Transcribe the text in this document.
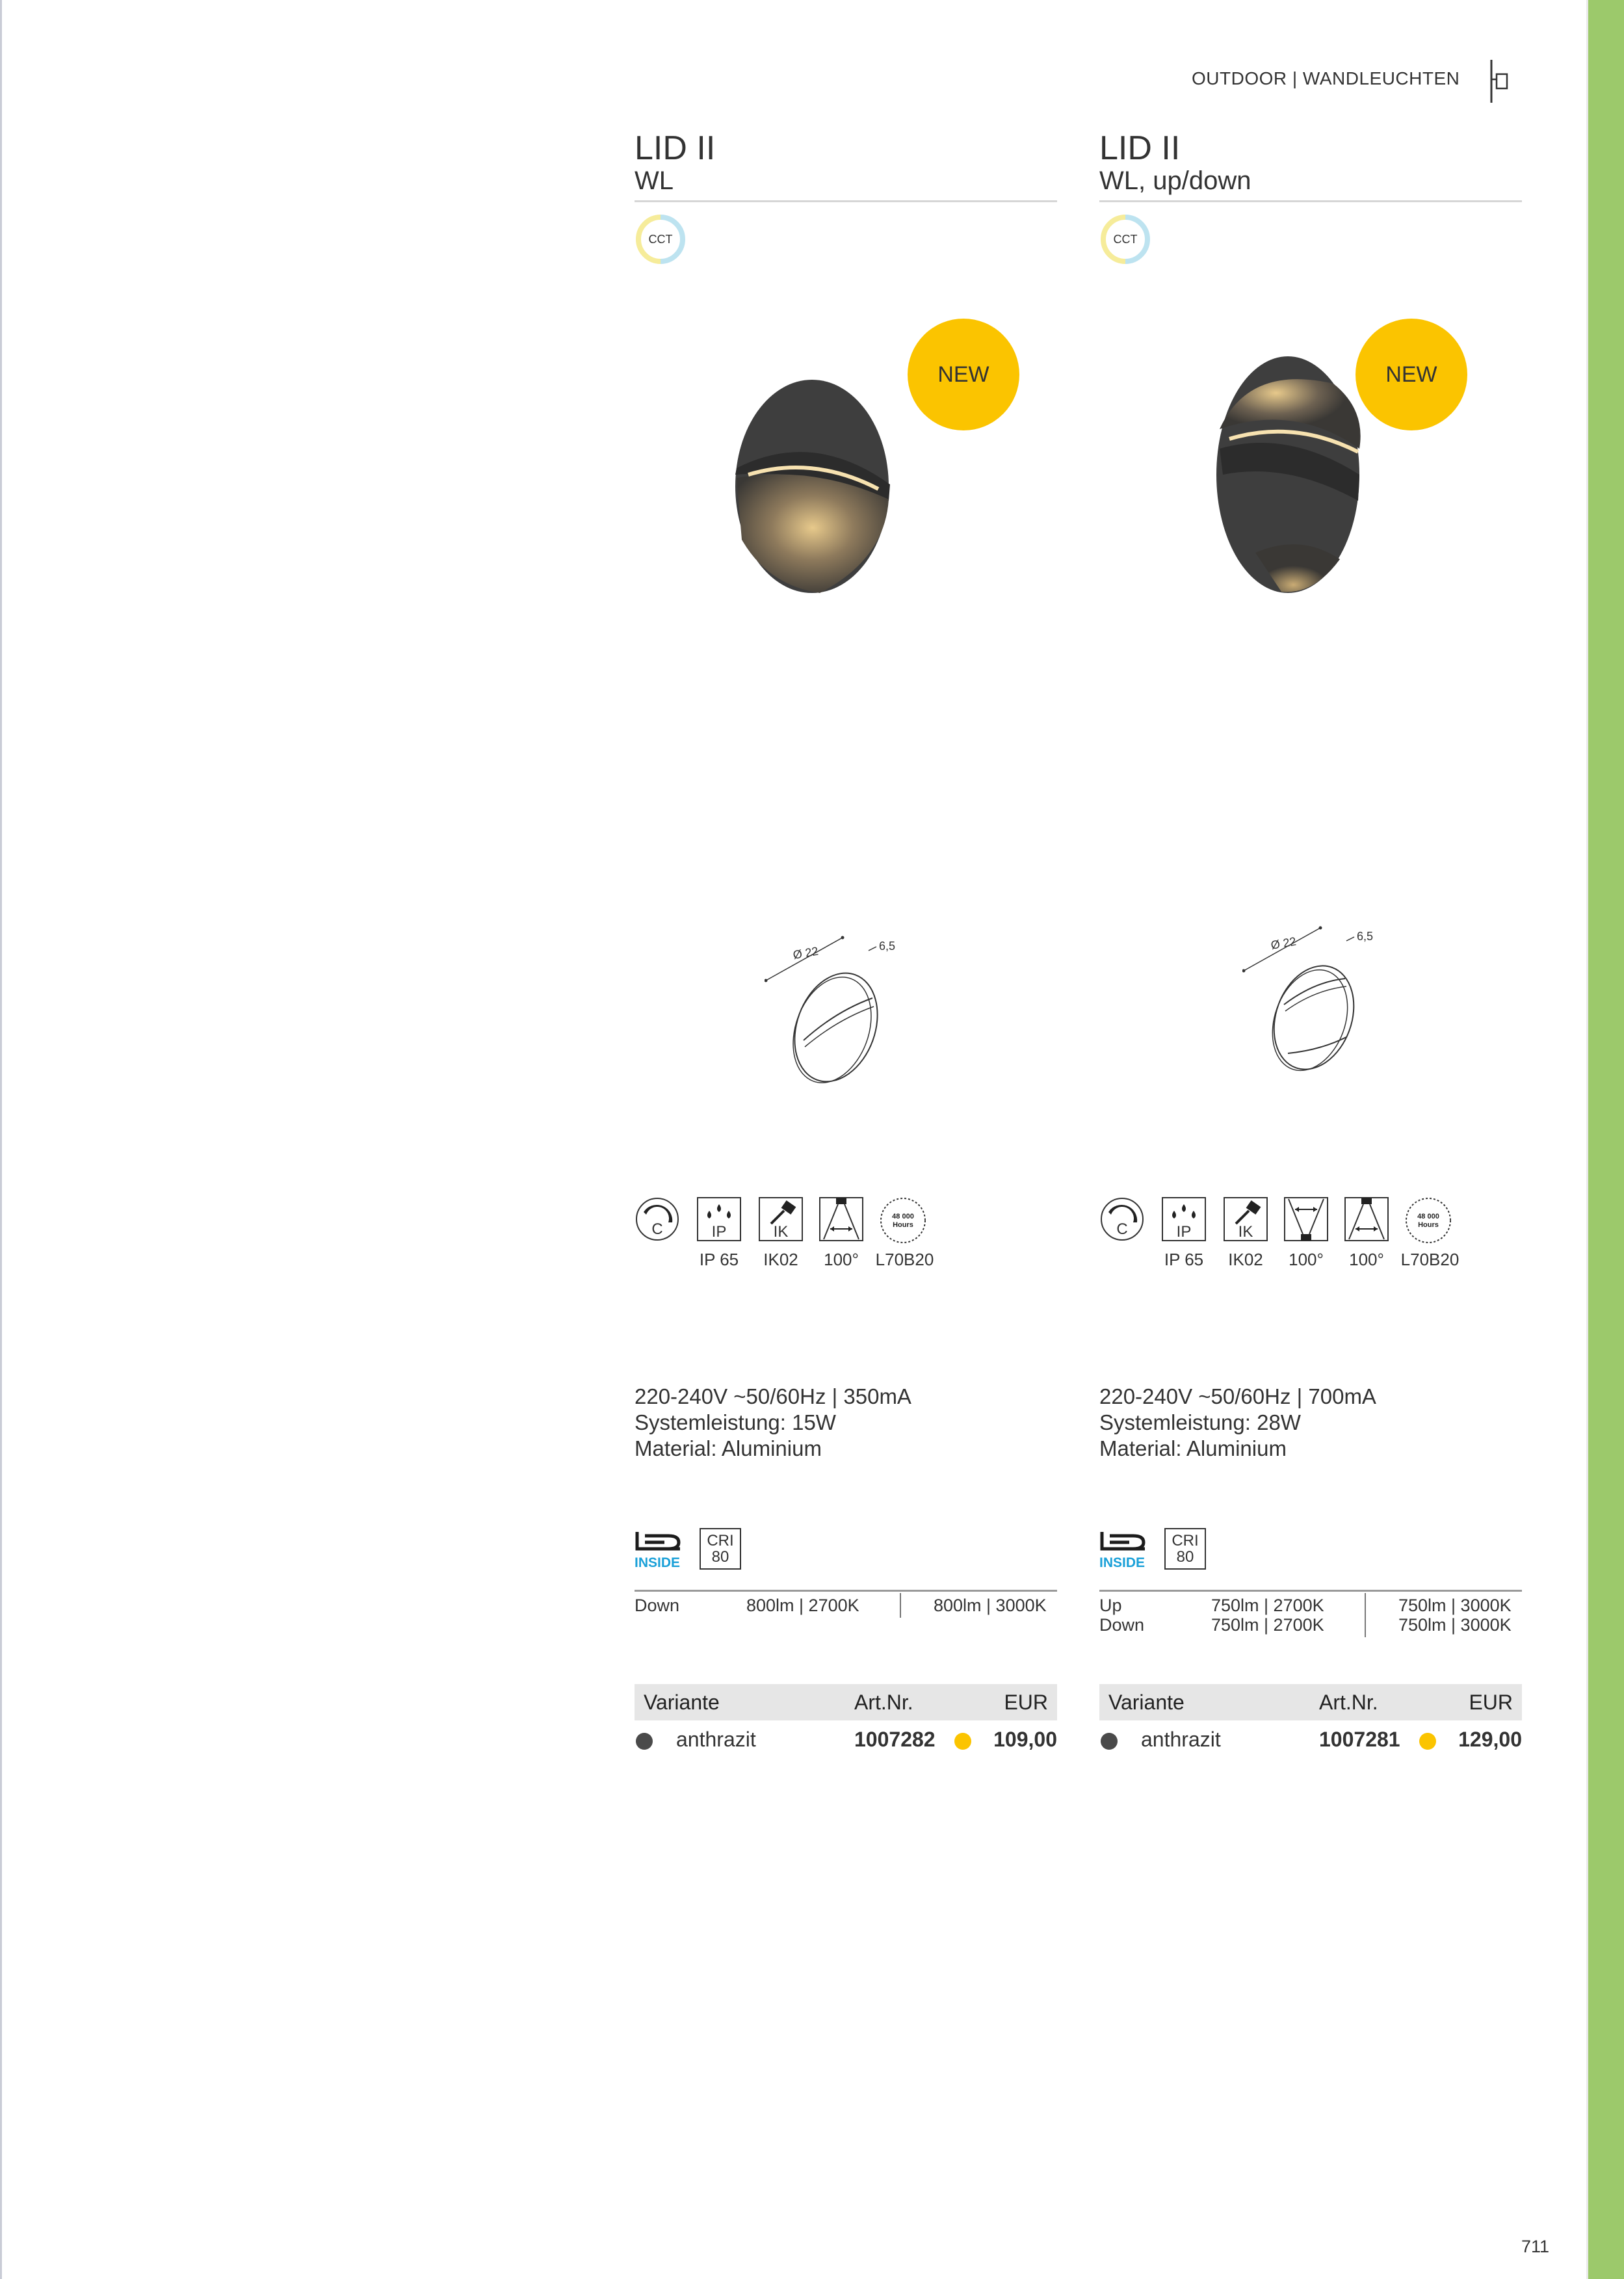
OUTDOOR | WANDLEUCHTEN
LID II
WL
CCT
NEW
Ø 22	6,5
C	IP
IP 65
IK
IK02	100°
48 000
Hours
L70B20
220-240V ~50/60Hz | 350mA
Systemleistung: 15W
Material: Aluminium
INSIDE
CRI
80
Down	800lm | 2700K	800lm | 3000K
Variante	Art.Nr.	EUR
anthrazit	1007282	109,00
LID II
WL, up/down
CCT
NEW
Ø 22	6,5
C	IP
IP 65
IK
IK02	100°	100°
48 000
Hours
L70B20
220-240V ~50/60Hz | 700mA
Systemleistung: 28W
Material: Aluminium
INSIDE
CRI
80
Up	750lm | 2700K	750lm | 3000K
Down	750lm | 2700K	750lm | 3000K
Variante	Art.Nr.	EUR
anthrazit	1007281	129,00
711
